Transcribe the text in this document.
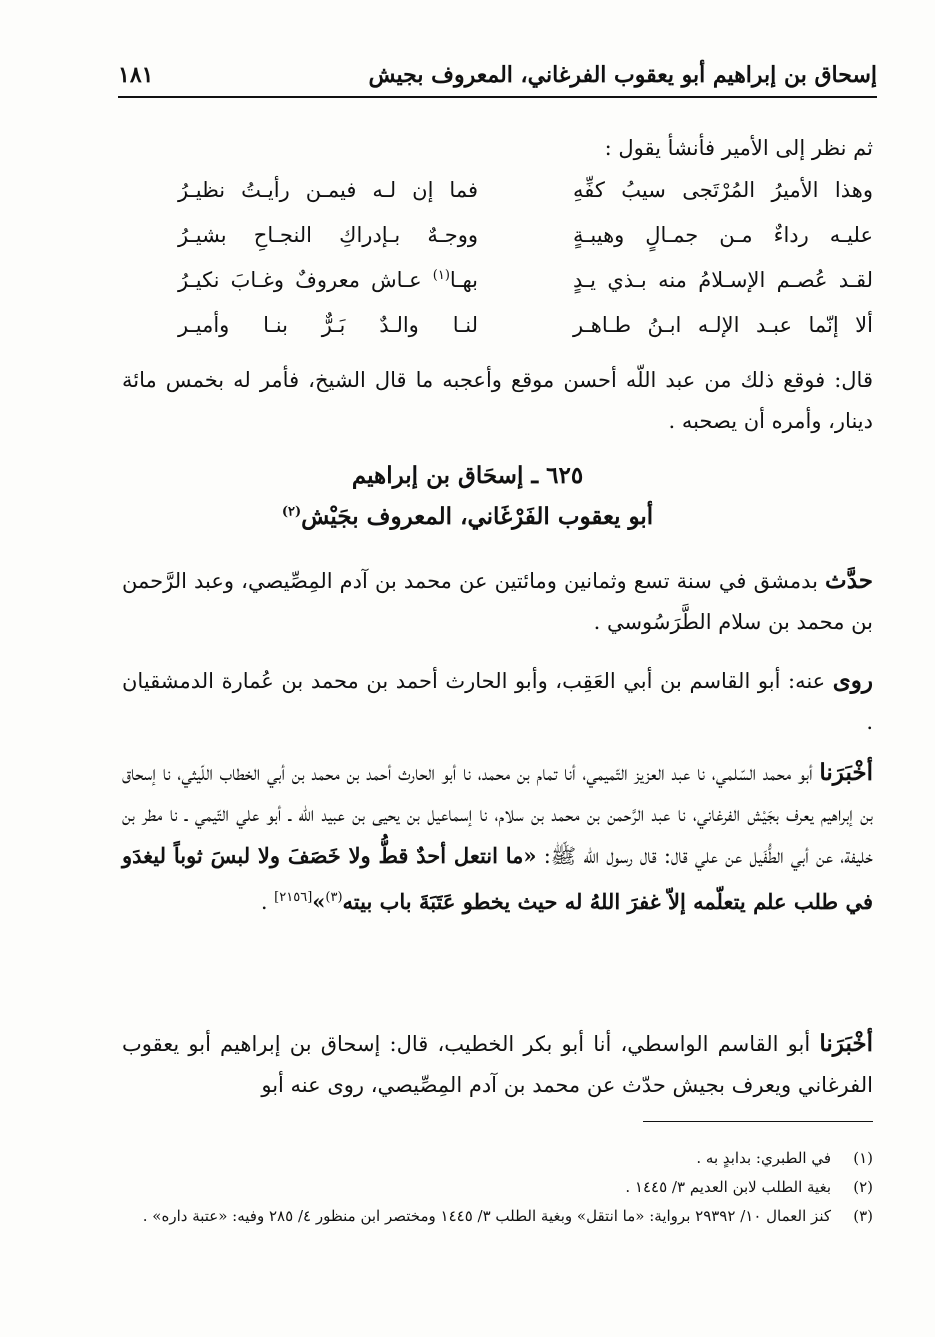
إسحاق بن إبراهيم أبو يعقوب الفرغاني، المعروف بجيش
١٨١
ثم نظر إلى الأمير فأنشأ يقول :
وهذا الأميرُ المُرْتَجى سيبُ كفِّهِ
فما إن لـه فيمـن رأيـتُ نظيـرُ
عليـه رداءٌ مـن جمـالٍ وهيبـةٍ
ووجـهٌ بـإدراكِ النجـاحِ بشيـرُ
لقـد عُصـم الإسـلامُ منه بـذي يـدٍ
بهـا$^{(١)}$ عـاش معروفٌ وغـابَ نكيـرُ
ألا إنّما عبـد الإلـه ابـنُ طـاهـر
لنـا والـدٌ بَـرٌّ بنـا وأميـر
قال: فوقع ذلك من عبد اللّه أحسن موقع وأعجبه ما قال الشيخ، فأمر له بخمس مائة دينار، وأمره أن يصحبه .
٦٢٥ ـ إسحَاق بن إبراهيم
أبو يعقوب الفَرْغَاني، المعروف بجَيْش$^{(٢)}$
حدَّث بدمشق في سنة تسع وثمانين ومائتين عن محمد بن آدم المِصِّيصي، وعبد الرَّحمن بن محمد بن سلام الطَّرَسُوسي .
روى عنه: أبو القاسم بن أبي العَقِب، وأبو الحارث أحمد بن محمد بن عُمارة الدمشقيان .
أخْبَرَنا أبو محمد السّلمي، نا عبد العزيز التّميمي، أنا تمام بن محمد، نا أبو الحارث أحمد بن محمد بن أبي الخطاب اللّيثي، نا إسحاق بن إبراهيم يعرف بجَيْش الفرغاني، نا عبد الرَّحمن بن محمد بن سلام، نا إسماعيل بن يحيى بن عبيد اللّه ـ أبو علي التّيمي ـ نا مطر بن خليفة، عن أبي الطُّفَيل عن علي قال: قال رسول الله ﷺ: «ما انتعل أحدٌ قطُّ ولا خَصَفَ ولا لبسَ ثوباً ليغدَو في طلب علم يتعلّمه إلاّ غفرَ اللهُ له حيث يخطو عَتَبَةَ باب بيته$^{(٣)}$»[٢١٥٦] .
أخْبَرَنا أبو القاسم الواسطي، أنا أبو بكر الخطيب، قال: إسحاق بن إبراهيم أبو يعقوب الفرغاني ويعرف بجيش حدّث عن محمد بن آدم المِصِّيصي، روى عنه أبو
(١)
في الطبري: بدابدٍ به .
(٢)
بغية الطلب لابن العديم ٣/ ١٤٤٥ .
(٣)
كنز العمال ١٠/ ٢٩٣٩٢ برواية: «ما انتقل» وبغية الطلب ٣/ ١٤٤٥ ومختصر ابن منظور ٤/ ٢٨٥ وفيه: «عتبة داره» .
